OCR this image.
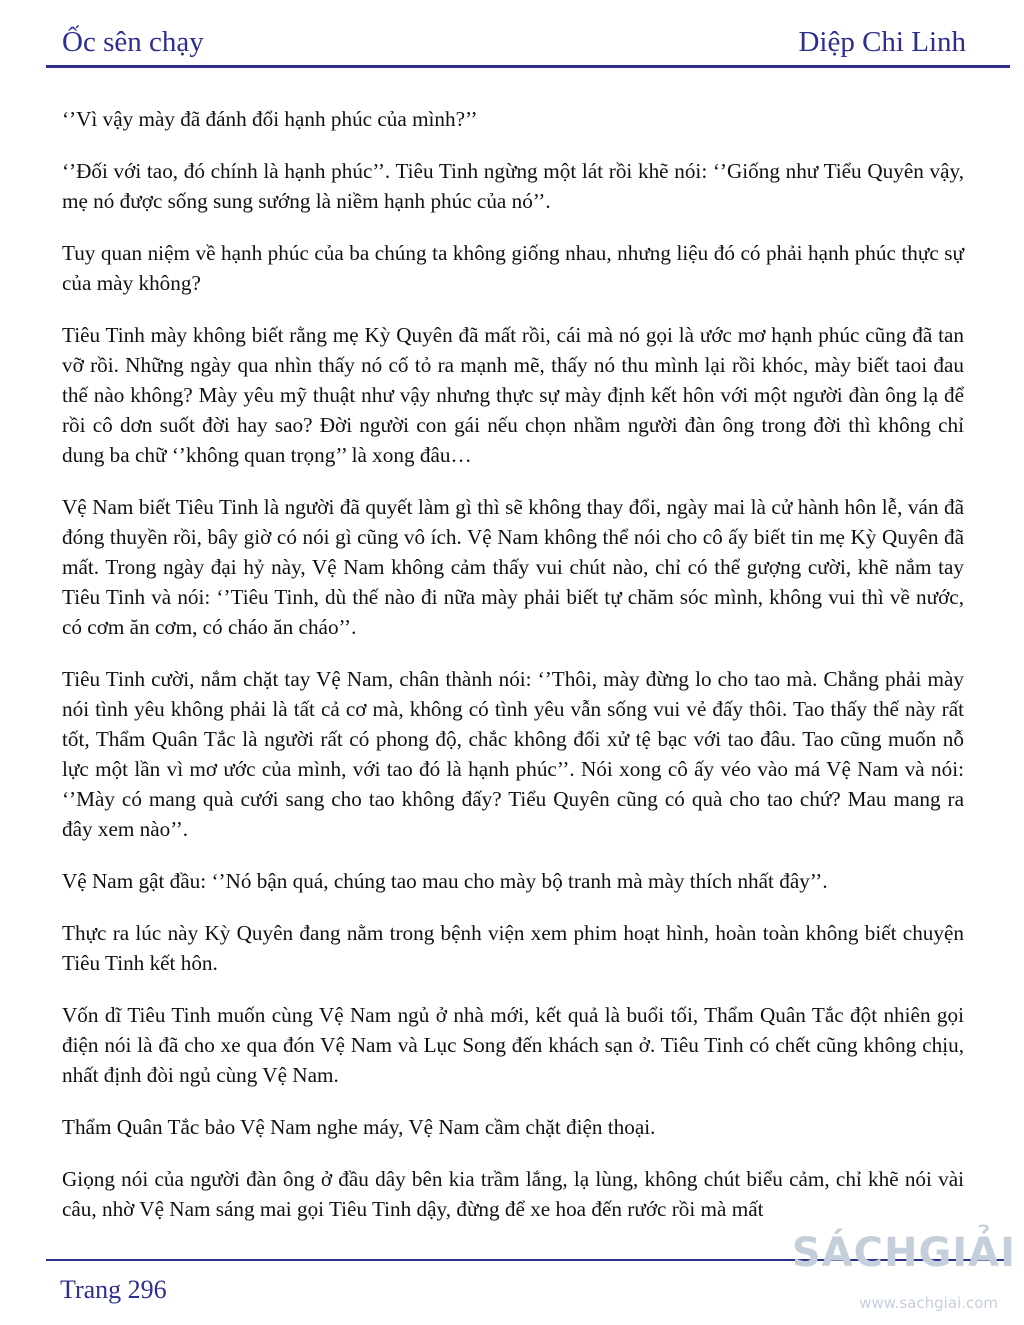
Ốc sên chạy	Diệp Chi Linh

‘’Vì vậy mày đã đánh đổi hạnh phúc của mình?’’

‘’Đối với tao, đó chính là hạnh phúc’’. Tiêu Tinh ngừng một lát rồi khẽ nói: ‘’Giống như Tiểu Quyên vậy, mẹ nó được sống sung sướng là niềm hạnh phúc của nó’’.

Tuy quan niệm về hạnh phúc của ba chúng ta không giống nhau, nhưng liệu đó có phải hạnh phúc thực sự của mày không?

Tiêu Tinh mày không biết rằng mẹ Kỳ Quyên đã mất rồi, cái mà nó gọi là ước mơ hạnh phúc cũng đã tan vỡ rồi. Những ngày qua nhìn thấy nó cố tỏ ra mạnh mẽ, thấy nó thu mình lại rồi khóc, mày biết taoi đau thế nào không? Mày yêu mỹ thuật như vậy nhưng thực sự mày định kết hôn với một người đàn ông lạ để rồi cô dơn suốt đời hay sao? Đời người con gái nếu chọn nhầm người đàn ông trong đời thì không chỉ dung ba chữ ‘’không quan trọng’’ là xong đâu…

Vệ Nam biết Tiêu Tinh là người đã quyết làm gì thì sẽ không thay đổi, ngày mai là cử hành hôn lễ, ván đã đóng thuyền rồi, bây giờ có nói gì cũng vô ích. Vệ Nam không thể nói cho cô ấy biết tin mẹ Kỳ Quyên đã mất. Trong ngày đại hỷ này, Vệ Nam không cảm thấy vui chút nào, chỉ có thể gượng cười, khẽ nắm tay Tiêu Tinh và nói: ‘’Tiêu Tinh, dù thế nào đi nữa mày phải biết tự chăm sóc mình, không vui thì về nước, có cơm ăn cơm, có cháo ăn cháo’’.

Tiêu Tinh cười, nắm chặt tay Vệ Nam, chân thành nói: ‘’Thôi, mày đừng lo cho tao mà. Chẳng phải mày nói tình yêu không phải là tất cả cơ mà, không có tình yêu vẫn sống vui vẻ đấy thôi. Tao thấy thế này rất tốt, Thẩm Quân Tắc là người rất có phong độ, chắc không đối xử tệ bạc với tao đâu. Tao cũng muốn nỗ lực một lần vì mơ ước của mình, với tao đó là hạnh phúc’’. Nói xong cô ấy véo vào má Vệ Nam và nói: ‘’Mày có mang quà cưới sang cho tao không đấy? Tiểu Quyên cũng có quà cho tao chứ? Mau mang ra đây xem nào’’.

Vệ Nam gật đầu: ‘’Nó bận quá, chúng tao mau cho mày bộ tranh mà mày thích nhất đây’’.

Thực ra lúc này Kỳ Quyên đang nằm trong bệnh viện xem phim hoạt hình, hoàn toàn không biết chuyện Tiêu Tinh kết hôn.

Vốn dĩ Tiêu Tinh muốn cùng Vệ Nam ngủ ở nhà mới, kết quả là buổi tối, Thẩm Quân Tắc đột nhiên gọi điện nói là đã cho xe qua đón Vệ Nam và Lục Song đến khách sạn ở. Tiêu Tinh có chết cũng không chịu, nhất định đòi ngủ cùng Vệ Nam.

Thẩm Quân Tắc bảo Vệ Nam nghe máy, Vệ Nam cầm chặt điện thoại.

Giọng nói của người đàn ông ở đầu dây bên kia trầm lắng, lạ lùng, không chút biểu cảm, chỉ khẽ nói vài câu, nhờ Vệ Nam sáng mai gọi Tiêu Tinh dậy, đừng để xe hoa đến rước rồi mà mất

Trang 296
SÁCHGIẢI
www.sachgiai.com
